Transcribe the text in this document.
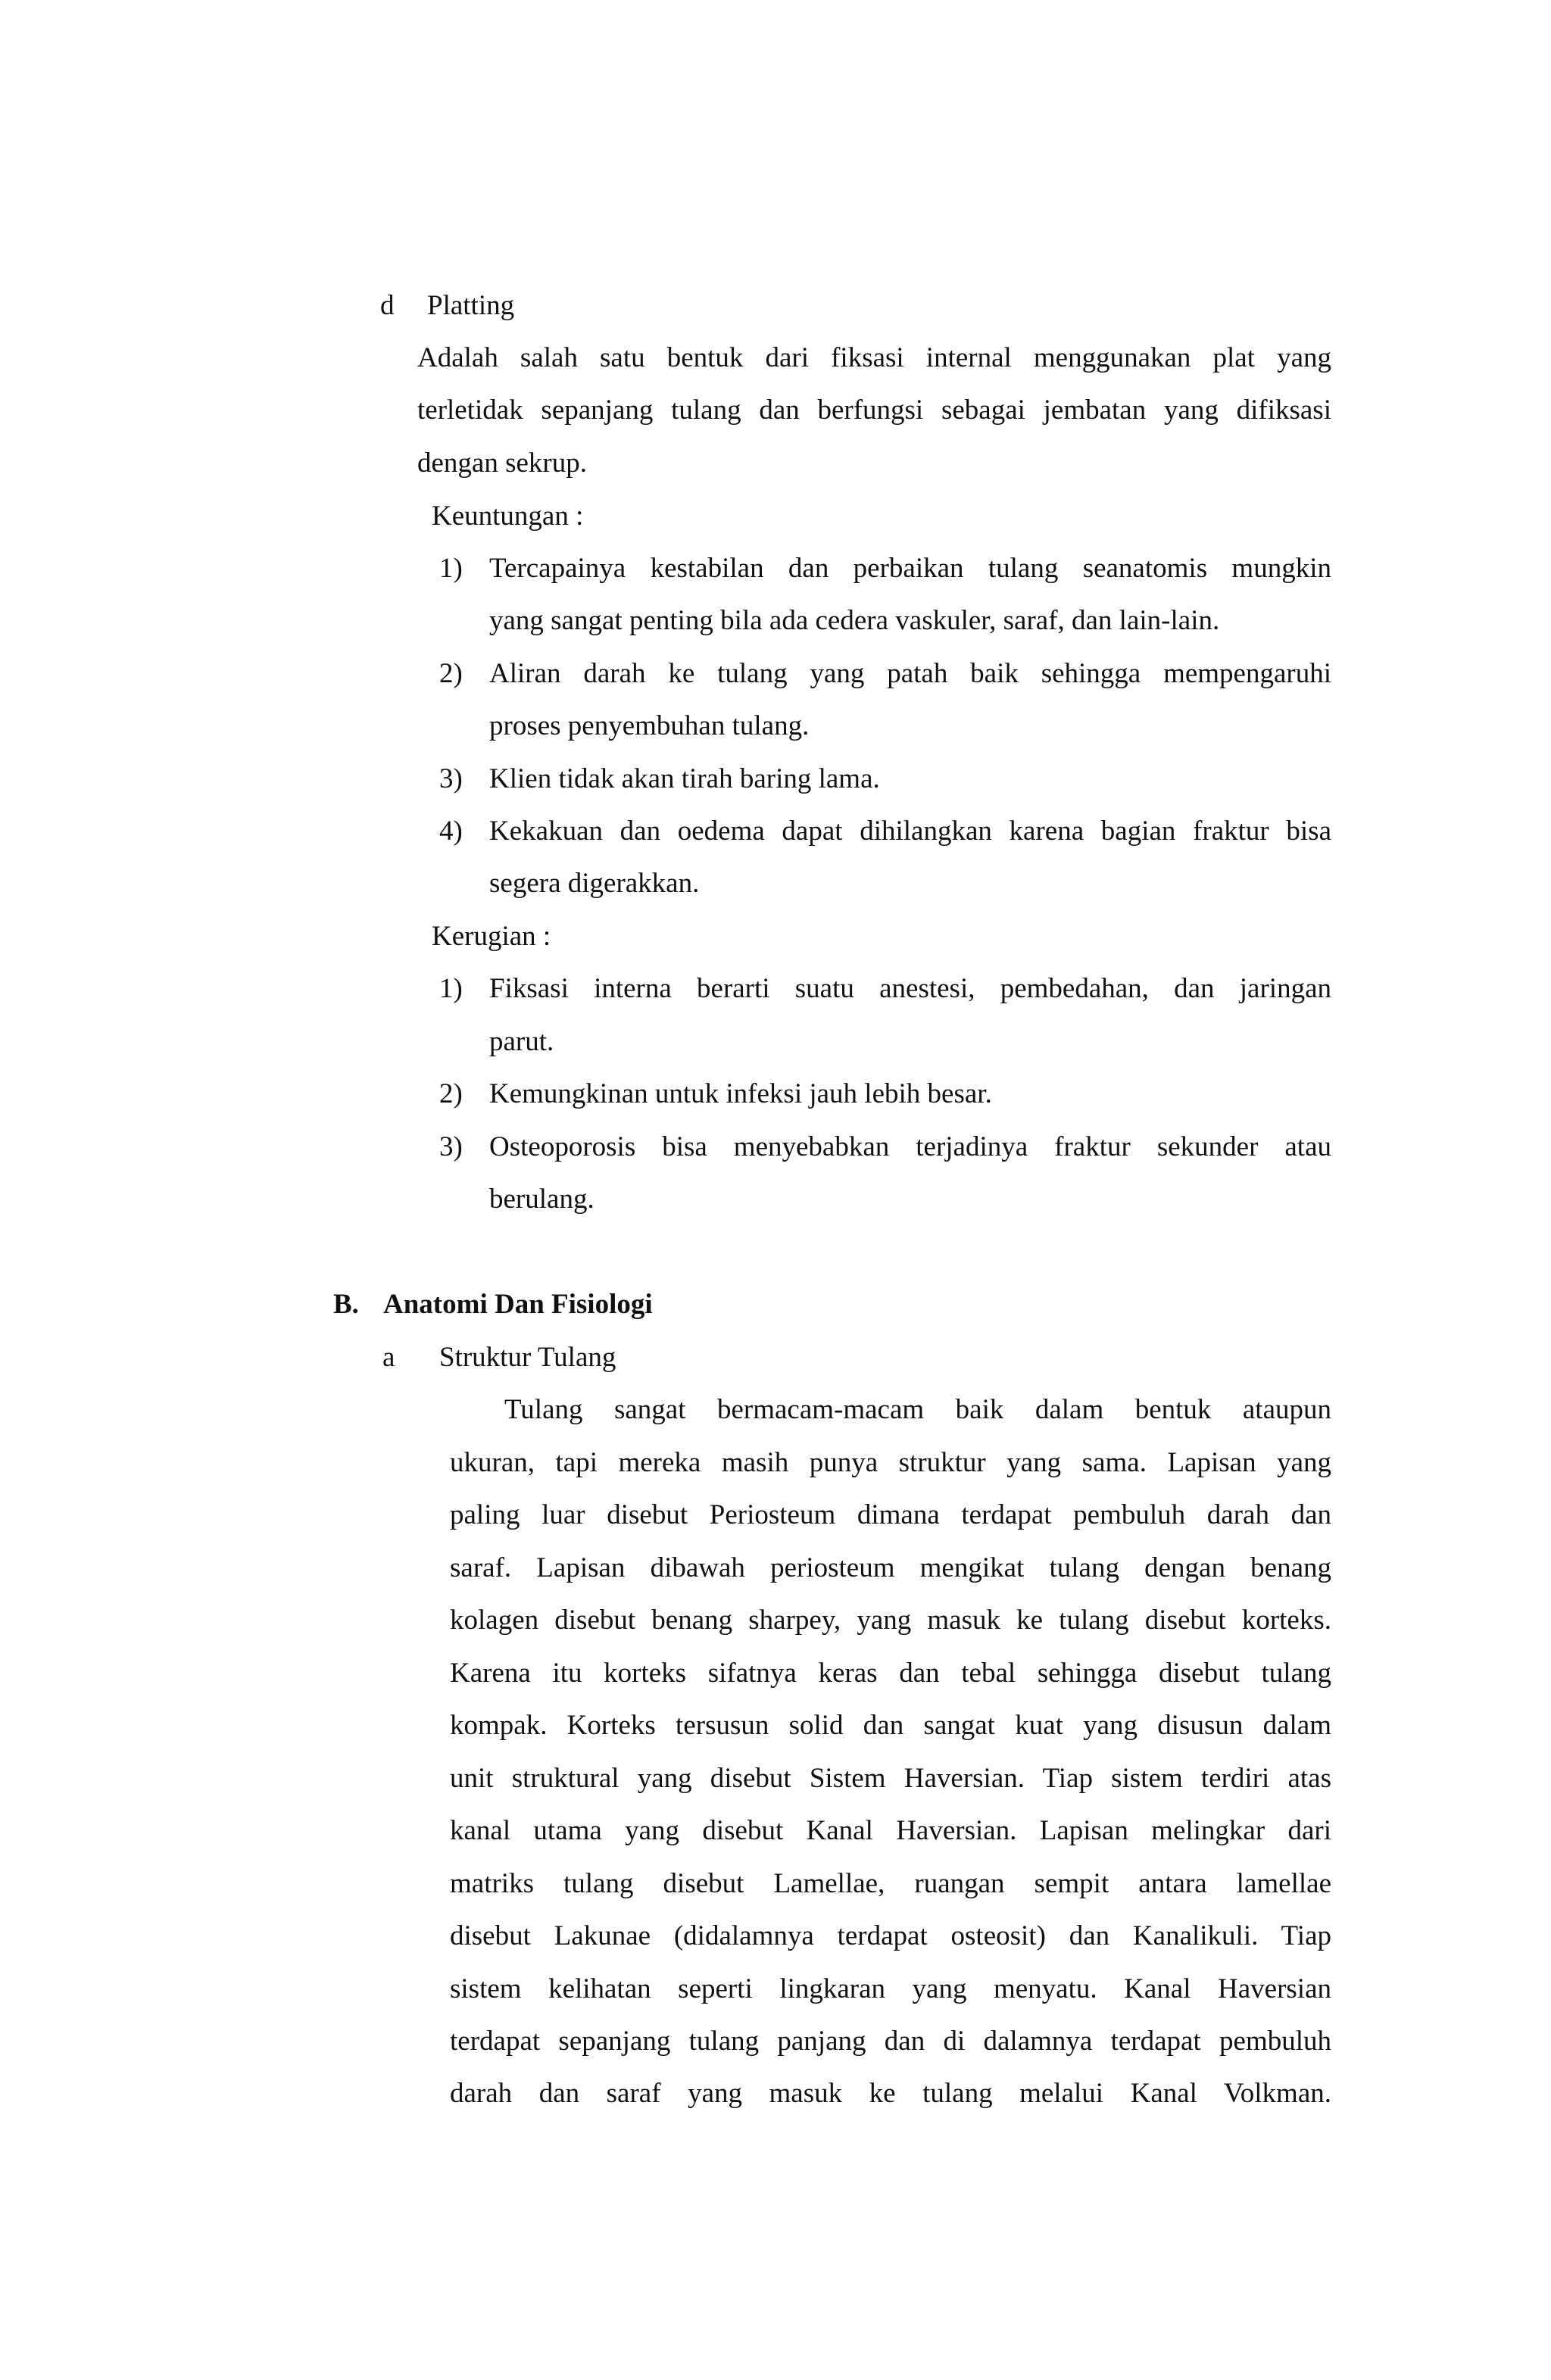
d Platting
Adalah salah satu bentuk dari fiksasi internal menggunakan plat yang
terletidak sepanjang tulang dan berfungsi sebagai jembatan yang difiksasi
dengan sekrup.
Keuntungan :
1) Tercapainya kestabilan dan perbaikan tulang seanatomis mungkin
yang sangat penting bila ada cedera vaskuler, saraf, dan lain-lain.
2) Aliran darah ke tulang yang patah baik sehingga mempengaruhi
proses penyembuhan tulang.
3) Klien tidak akan tirah baring lama.
4) Kekakuan dan oedema dapat dihilangkan karena bagian fraktur bisa
segera digerakkan.
Kerugian :
1) Fiksasi interna berarti suatu anestesi, pembedahan, dan jaringan
parut.
2) Kemungkinan untuk infeksi jauh lebih besar.
3) Osteoporosis bisa menyebabkan terjadinya fraktur sekunder atau
berulang.
B. Anatomi Dan Fisiologi
a Struktur Tulang
Tulang sangat bermacam-macam baik dalam bentuk ataupun
ukuran, tapi mereka masih punya struktur yang sama. Lapisan yang
paling luar disebut Periosteum dimana terdapat pembuluh darah dan
saraf. Lapisan dibawah periosteum mengikat tulang dengan benang
kolagen disebut benang sharpey, yang masuk ke tulang disebut korteks.
Karena itu korteks sifatnya keras dan tebal sehingga disebut tulang
kompak. Korteks tersusun solid dan sangat kuat yang disusun dalam
unit struktural yang disebut Sistem Haversian. Tiap sistem terdiri atas
kanal utama yang disebut Kanal Haversian. Lapisan melingkar dari
matriks tulang disebut Lamellae, ruangan sempit antara lamellae
disebut Lakunae (didalamnya terdapat osteosit) dan Kanalikuli. Tiap
sistem kelihatan seperti lingkaran yang menyatu. Kanal Haversian
terdapat sepanjang tulang panjang dan di dalamnya terdapat pembuluh
darah dan saraf yang masuk ke tulang melalui Kanal Volkman.
